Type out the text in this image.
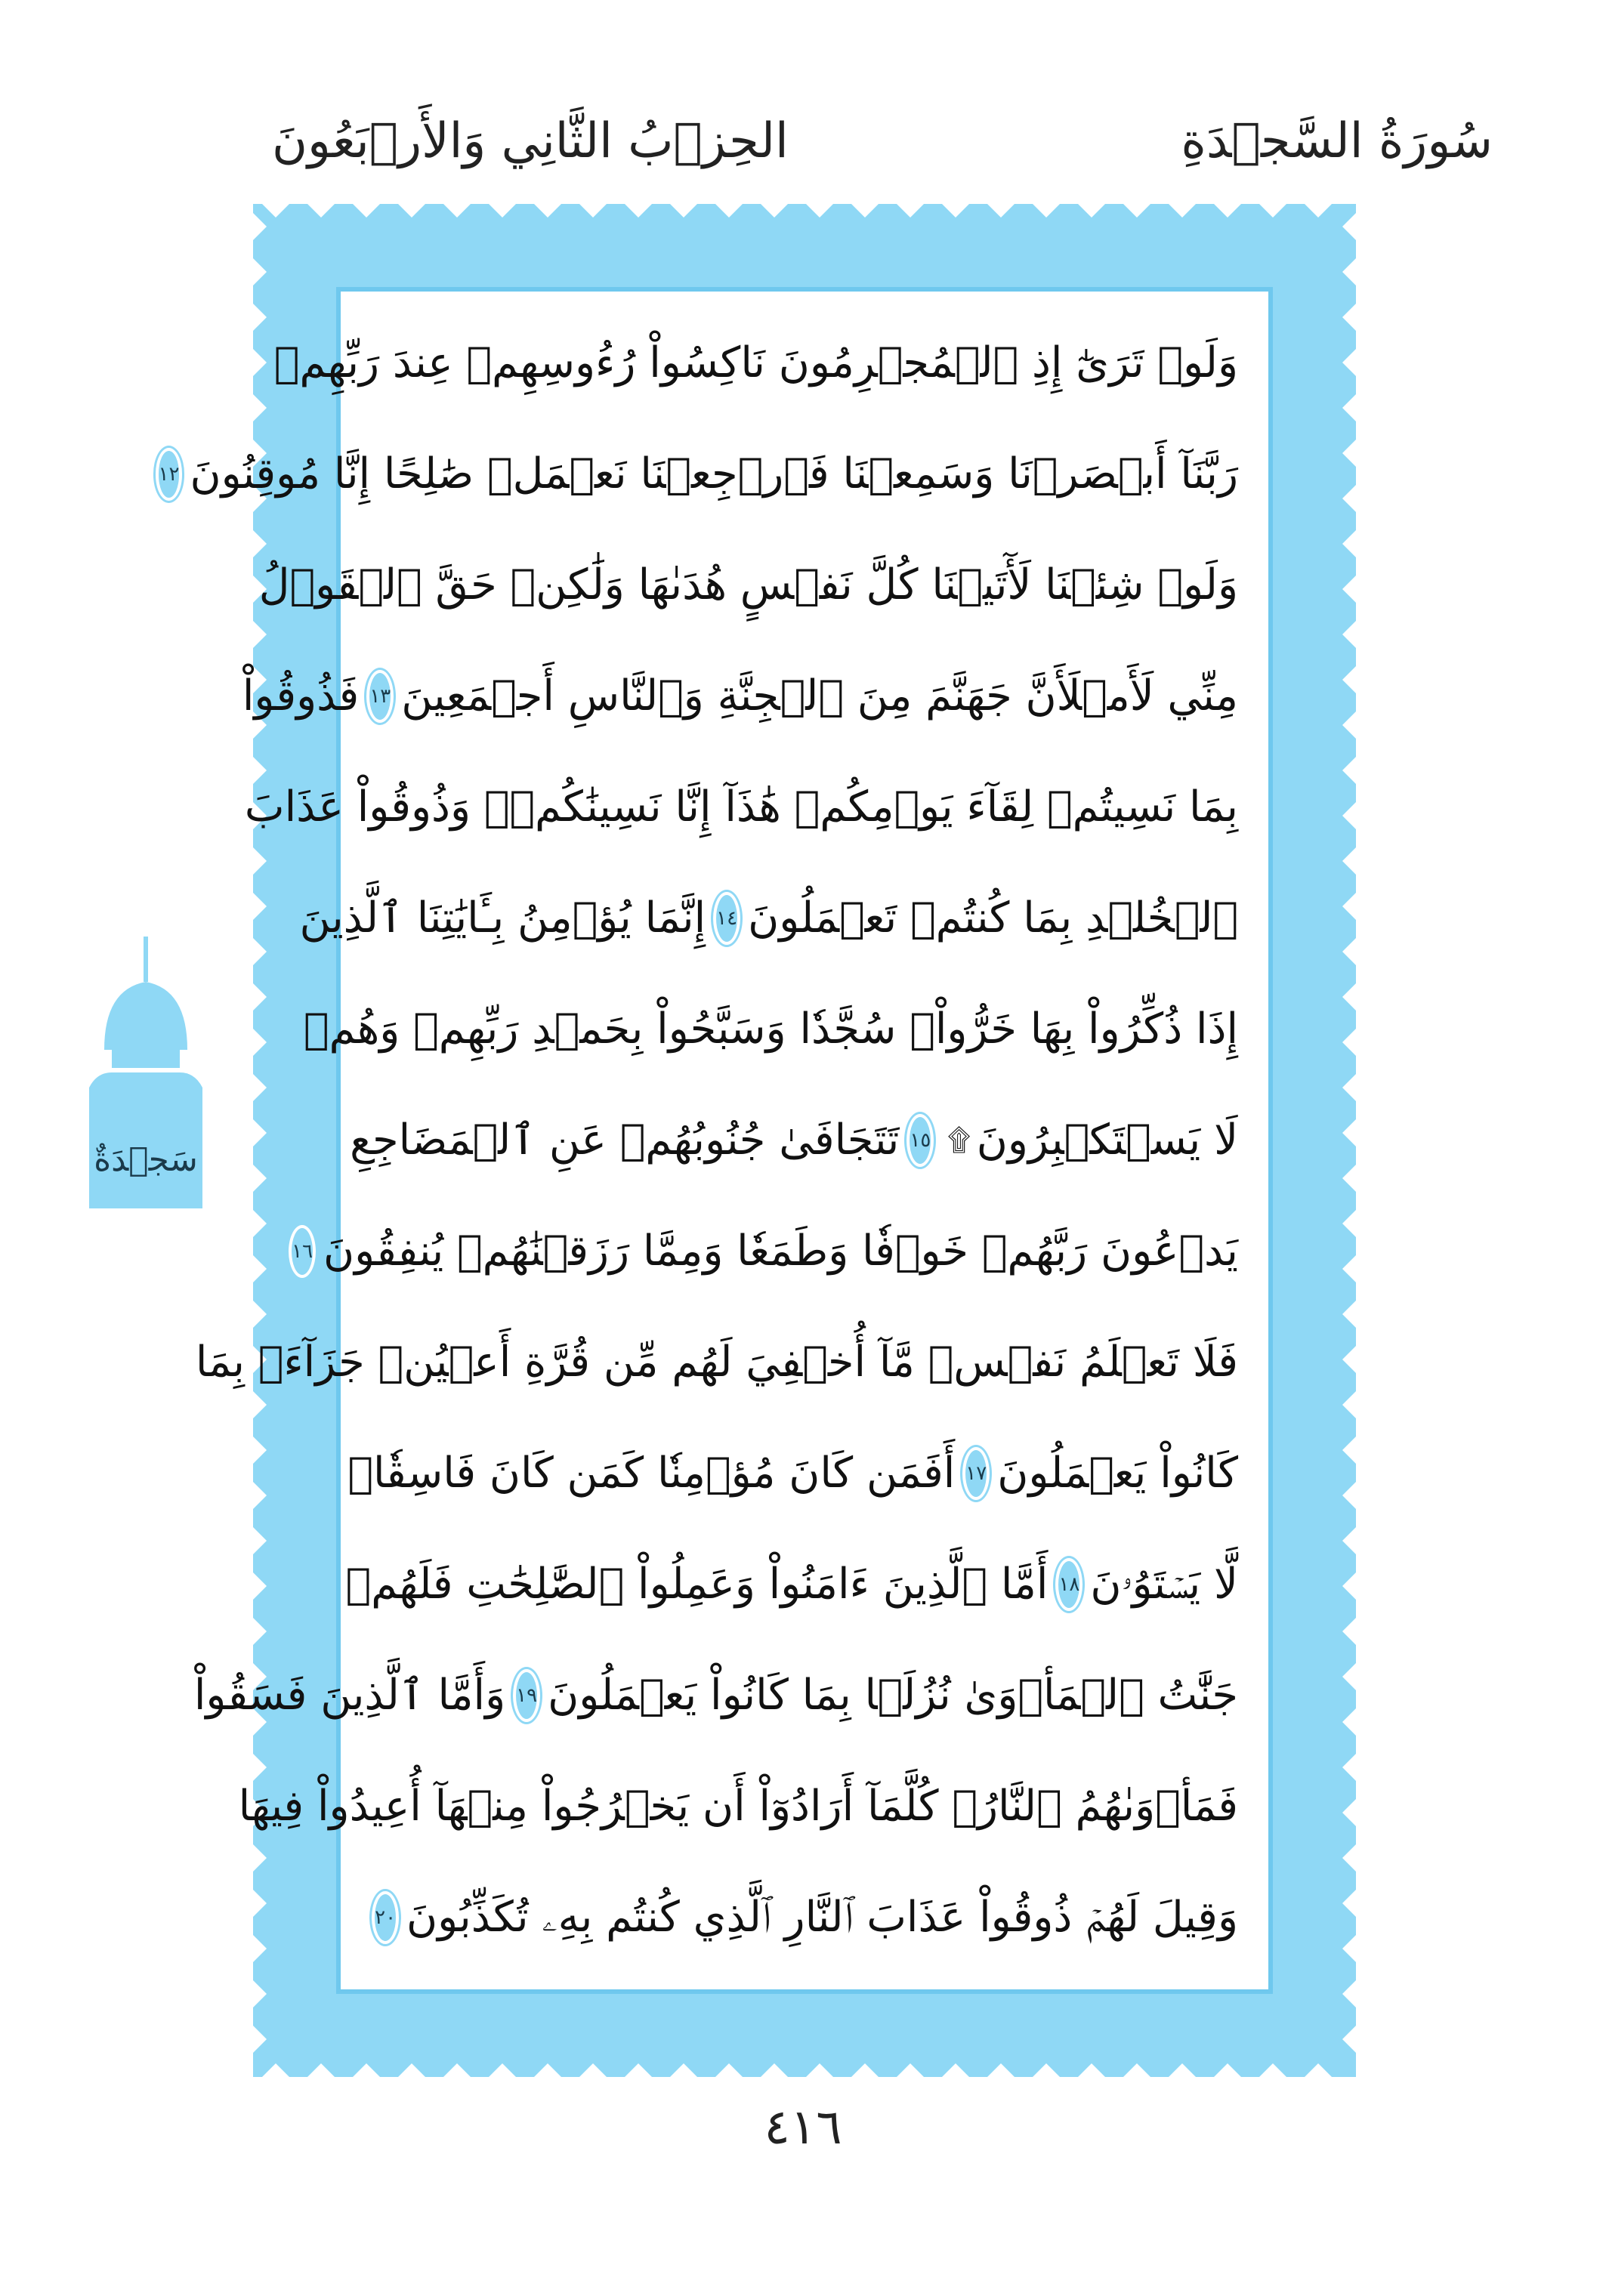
سُورَةُ السَّجۡدَةِ
الحِزۡبُ الثَّانِي وَالأَرۡبَعُونَ
وَلَوۡ تَرَىٰٓ إِذِ ٱلۡمُجۡرِمُونَ نَاكِسُواْ رُءُوسِهِمۡ عِندَ رَبِّهِمۡ
رَبَّنَآ أَبۡصَرۡنَا وَسَمِعۡنَا فَٱرۡجِعۡنَا نَعۡمَلۡ صَٰلِحًا إِنَّا مُوقِنُونَ
١٢
وَلَوۡ شِئۡنَا لَأٓتَيۡنَا كُلَّ نَفۡسٍ هُدَىٰهَا وَلَٰكِنۡ حَقَّ ٱلۡقَوۡلُ
مِنِّي لَأَمۡلَأَنَّ جَهَنَّمَ مِنَ ٱلۡجِنَّةِ وَٱلنَّاسِ أَجۡمَعِينَ
١٣
فَذُوقُواْ
بِمَا نَسِيتُمۡ لِقَآءَ يَوۡمِكُمۡ هَٰذَآ إِنَّا نَسِينَٰكُمۡۖ وَذُوقُواْ عَذَابَ
ٱلۡخُلۡدِ بِمَا كُنتُمۡ تَعۡمَلُونَ
١٤
إِنَّمَا يُؤۡمِنُ بِـَٔايَٰتِنَا ٱلَّذِينَ
إِذَا ذُكِّرُواْ بِهَا خَرُّواْۤ سُجَّدٗا وَسَبَّحُواْ بِحَمۡدِ رَبِّهِمۡ وَهُمۡ
لَا يَسۡتَكۡبِرُونَ
۩
١٥
تَتَجَافَىٰ جُنُوبُهُمۡ عَنِ ٱلۡمَضَاجِعِ
يَدۡعُونَ رَبَّهُمۡ خَوۡفٗا وَطَمَعٗا وَمِمَّا رَزَقۡنَٰهُمۡ يُنفِقُونَ
١٦
فَلَا تَعۡلَمُ نَفۡسٞ مَّآ أُخۡفِيَ لَهُم مِّن قُرَّةِ أَعۡيُنٖ جَزَآءَۢ بِمَا
كَانُواْ يَعۡمَلُونَ
١٧
أَفَمَن كَانَ مُؤۡمِنٗا كَمَن كَانَ فَاسِقٗاۚ
لَّا يَسۡتَوُۥنَ
١٨
أَمَّا ٱلَّذِينَ ءَامَنُواْ وَعَمِلُواْ ٱلصَّٰلِحَٰتِ فَلَهُمۡ
جَنَّٰتُ ٱلۡمَأۡوَىٰ نُزُلَۢا بِمَا كَانُواْ يَعۡمَلُونَ
١٩
وَأَمَّا ٱلَّذِينَ فَسَقُواْ
فَمَأۡوَىٰهُمُ ٱلنَّارُۖ كُلَّمَآ أَرَادُوٓاْ أَن يَخۡرُجُواْ مِنۡهَآ أُعِيدُواْ فِيهَا
وَقِيلَ لَهُمۡ ذُوقُواْ عَذَابَ ٱلنَّارِ ٱلَّذِي كُنتُم بِهِۦ تُكَذِّبُونَ
٢٠
سَجۡدَةٌ
٤١٦
